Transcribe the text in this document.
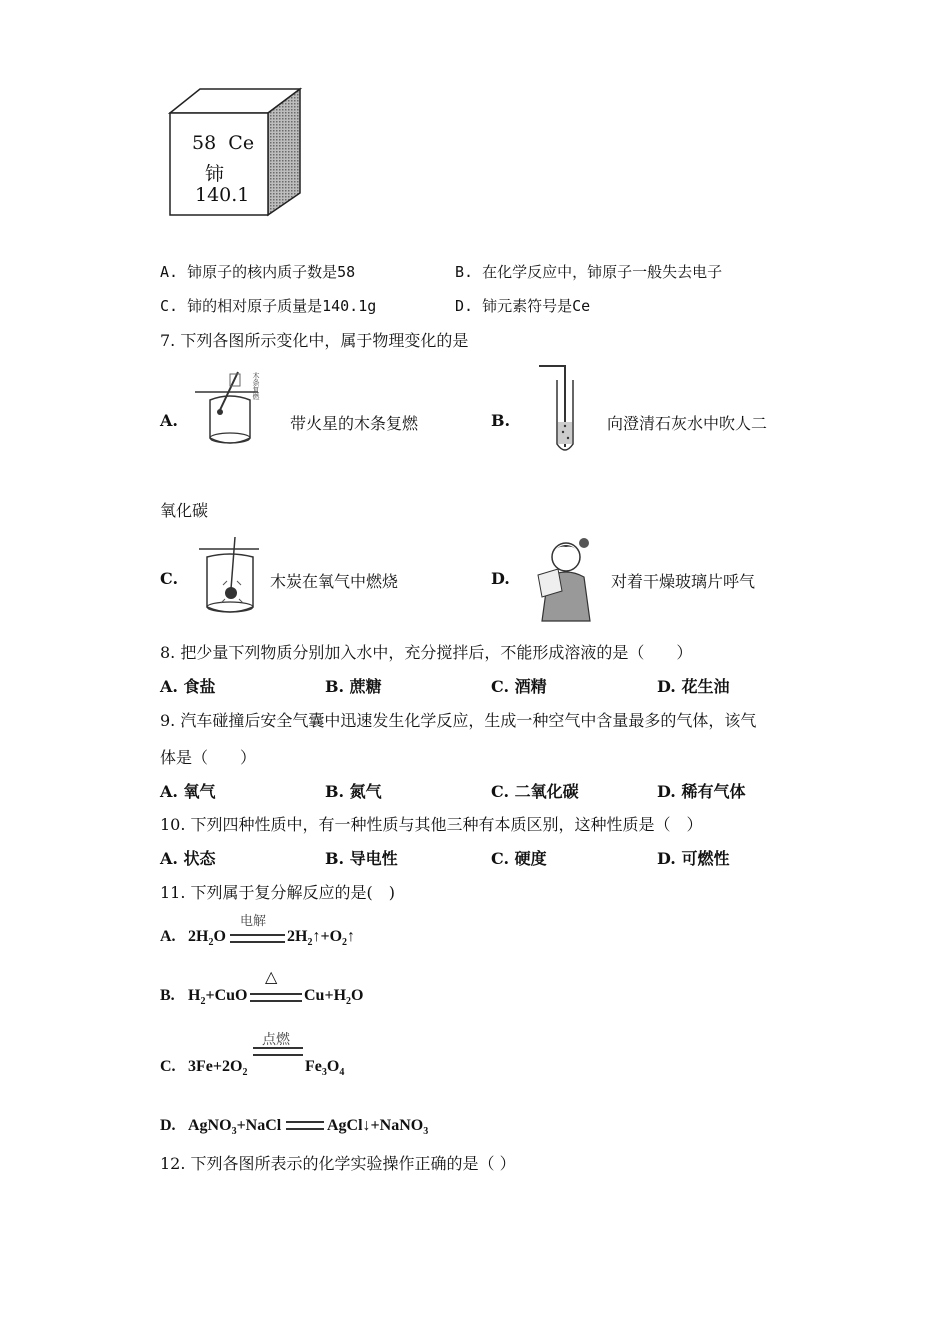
58 Ce
铈
140.1
A. 铈原子的核内质子数是58	B. 在化学反应中，铈原子一般失去电子
C. 铈的相对原子质量是140.1g	D. 铈元素符号是Ce
7. 下列各图所示变化中，属于物理变化的是
A.
木条复燃
带火星的木条复燃	B.	向澄清石灰水中吹人二
氧化碳
C.	木炭在氧气中燃烧	D.	对着干燥玻璃片呼气
8. 把少量下列物质分别加入水中，充分搅拌后，不能形成溶液的是（　　）
A. 食盐	B. 蔗糖	C. 酒精	D. 花生油
9. 汽车碰撞后安全气囊中迅速发生化学反应，生成一种空气中含量最多的气体，该气
体是（　　）
A. 氧气	B. 氮气	C. 二氧化碳	D. 稀有气体
10. 下列四种性质中，有一种性质与其他三种有本质区别，这种性质是（　）
A. 状态	B. 导电性	C. 硬度	D. 可燃性
11. 下列属于复分解反应的是(　)
A. $2H_2O$
电解
$2H_2↑+O_2↑$
B. $H_2+CuO$
△
$Cu+H_2O$
C. $3Fe+2O_2$
点燃
$Fe_3O_4$
D. AgNO$_3$+NaCl	AgCl↓+NaNO$_3$
12. 下列各图所表示的化学实验操作正确的是（ ）
